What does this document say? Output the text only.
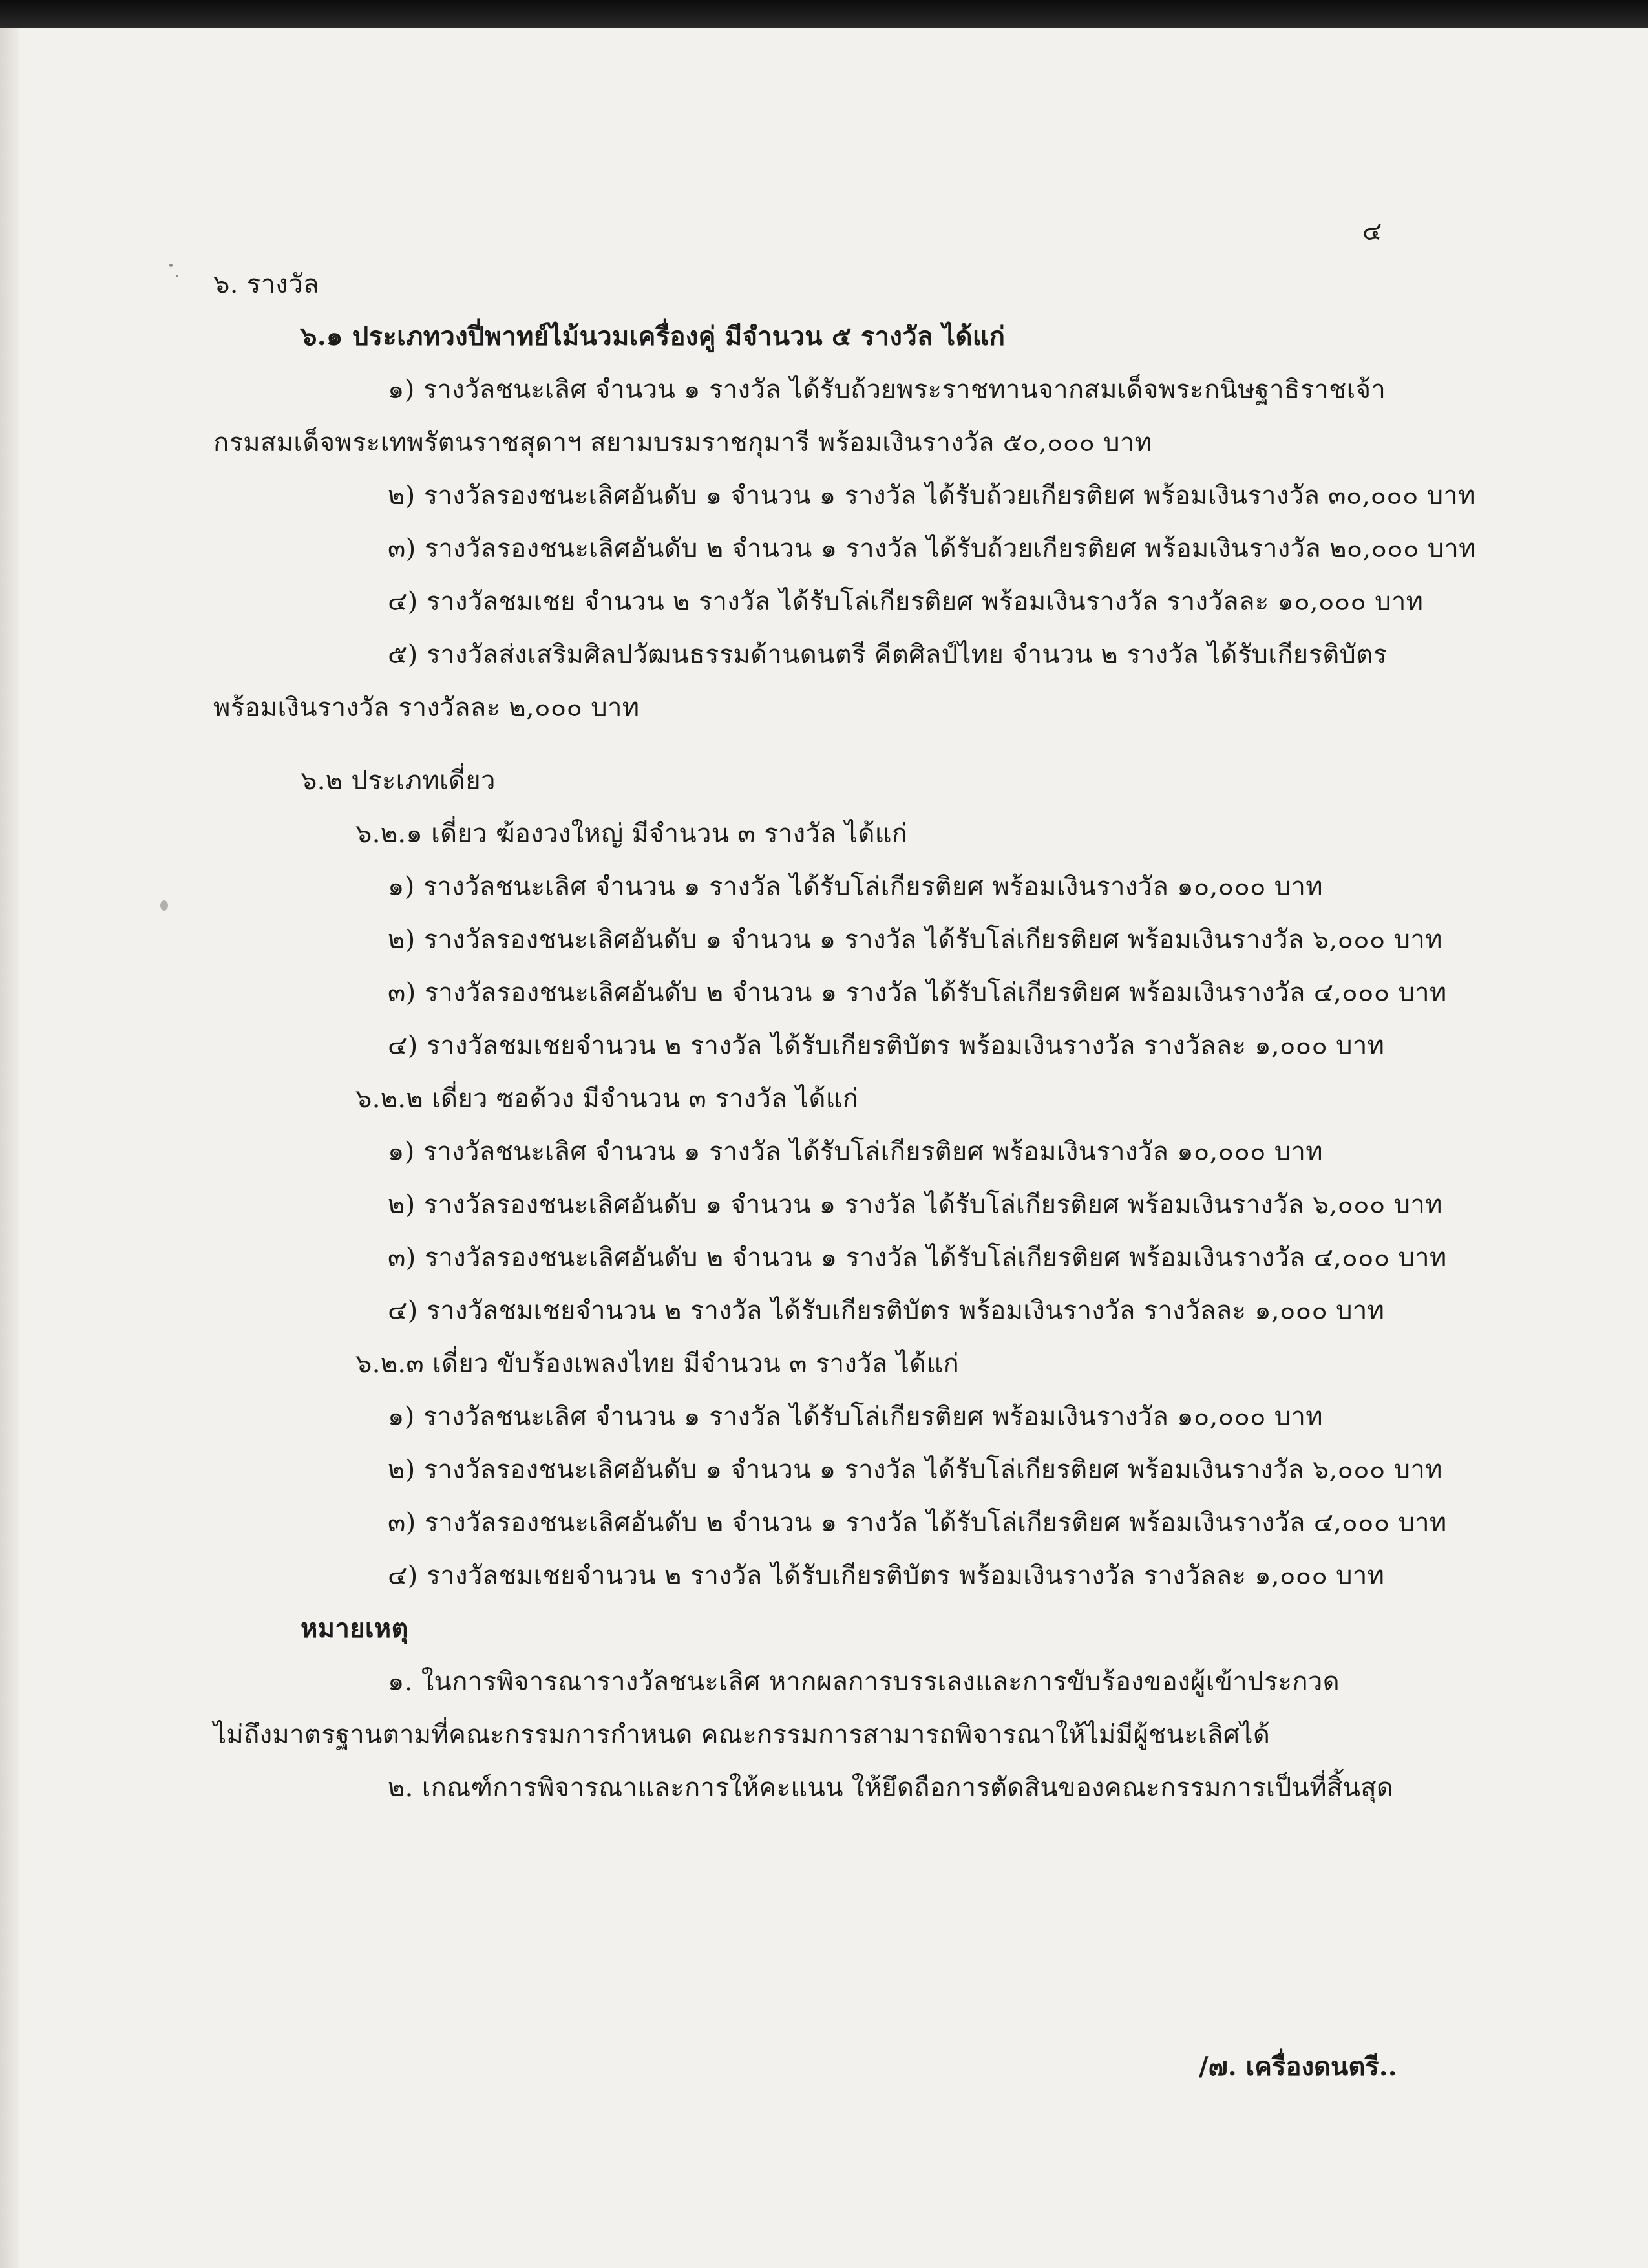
๔
๖. รางวัล
๖.๑ ประเภทวงปี่พาทย์ไม้นวมเครื่องคู่ มีจำนวน ๕ รางวัล ได้แก่
๑) รางวัลชนะเลิศ จำนวน ๑ รางวัล ได้รับถ้วยพระราชทานจากสมเด็จพระกนิษฐาธิราชเจ้า
กรมสมเด็จพระเทพรัตนราชสุดาฯ สยามบรมราชกุมารี พร้อมเงินรางวัล ๕๐,๐๐๐ บาท
๒) รางวัลรองชนะเลิศอันดับ ๑ จำนวน ๑ รางวัล ได้รับถ้วยเกียรติยศ พร้อมเงินรางวัล ๓๐,๐๐๐ บาท
๓) รางวัลรองชนะเลิศอันดับ ๒ จำนวน ๑ รางวัล ได้รับถ้วยเกียรติยศ พร้อมเงินรางวัล ๒๐,๐๐๐ บาท
๔) รางวัลชมเชย จำนวน ๒ รางวัล ได้รับโล่เกียรติยศ พร้อมเงินรางวัล รางวัลละ ๑๐,๐๐๐ บาท
๕) รางวัลส่งเสริมศิลปวัฒนธรรมด้านดนตรี คีตศิลป์ไทย จำนวน ๒ รางวัล ได้รับเกียรติบัตร
พร้อมเงินรางวัล รางวัลละ ๒,๐๐๐ บาท
๖.๒ ประเภทเดี่ยว
๖.๒.๑ เดี่ยว ฆ้องวงใหญ่ มีจำนวน ๓ รางวัล ได้แก่
๑) รางวัลชนะเลิศ จำนวน ๑ รางวัล ได้รับโล่เกียรติยศ พร้อมเงินรางวัล ๑๐,๐๐๐ บาท
๒) รางวัลรองชนะเลิศอันดับ ๑ จำนวน ๑ รางวัล ได้รับโล่เกียรติยศ พร้อมเงินรางวัล ๖,๐๐๐ บาท
๓) รางวัลรองชนะเลิศอันดับ ๒ จำนวน ๑ รางวัล ได้รับโล่เกียรติยศ พร้อมเงินรางวัล ๔,๐๐๐ บาท
๔) รางวัลชมเชยจำนวน ๒ รางวัล ได้รับเกียรติบัตร พร้อมเงินรางวัล รางวัลละ ๑,๐๐๐ บาท
๖.๒.๒ เดี่ยว ซอด้วง มีจำนวน ๓ รางวัล ได้แก่
๑) รางวัลชนะเลิศ จำนวน ๑ รางวัล ได้รับโล่เกียรติยศ พร้อมเงินรางวัล ๑๐,๐๐๐ บาท
๒) รางวัลรองชนะเลิศอันดับ ๑ จำนวน ๑ รางวัล ได้รับโล่เกียรติยศ พร้อมเงินรางวัล ๖,๐๐๐ บาท
๓) รางวัลรองชนะเลิศอันดับ ๒ จำนวน ๑ รางวัล ได้รับโล่เกียรติยศ พร้อมเงินรางวัล ๔,๐๐๐ บาท
๔) รางวัลชมเชยจำนวน ๒ รางวัล ได้รับเกียรติบัตร พร้อมเงินรางวัล รางวัลละ ๑,๐๐๐ บาท
๖.๒.๓ เดี่ยว ขับร้องเพลงไทย มีจำนวน ๓ รางวัล ได้แก่
๑) รางวัลชนะเลิศ จำนวน ๑ รางวัล ได้รับโล่เกียรติยศ พร้อมเงินรางวัล ๑๐,๐๐๐ บาท
๒) รางวัลรองชนะเลิศอันดับ ๑ จำนวน ๑ รางวัล ได้รับโล่เกียรติยศ พร้อมเงินรางวัล ๖,๐๐๐ บาท
๓) รางวัลรองชนะเลิศอันดับ ๒ จำนวน ๑ รางวัล ได้รับโล่เกียรติยศ พร้อมเงินรางวัล ๔,๐๐๐ บาท
๔) รางวัลชมเชยจำนวน ๒ รางวัล ได้รับเกียรติบัตร พร้อมเงินรางวัล รางวัลละ ๑,๐๐๐ บาท
หมายเหตุ
๑. ในการพิจารณารางวัลชนะเลิศ หากผลการบรรเลงและการขับร้องของผู้เข้าประกวด
ไม่ถึงมาตรฐานตามที่คณะกรรมการกำหนด คณะกรรมการสามารถพิจารณาให้ไม่มีผู้ชนะเลิศได้
๒. เกณฑ์การพิจารณาและการให้คะแนน ให้ยึดถือการตัดสินของคณะกรรมการเป็นที่สิ้นสุด
/๗. เครื่องดนตรี..
